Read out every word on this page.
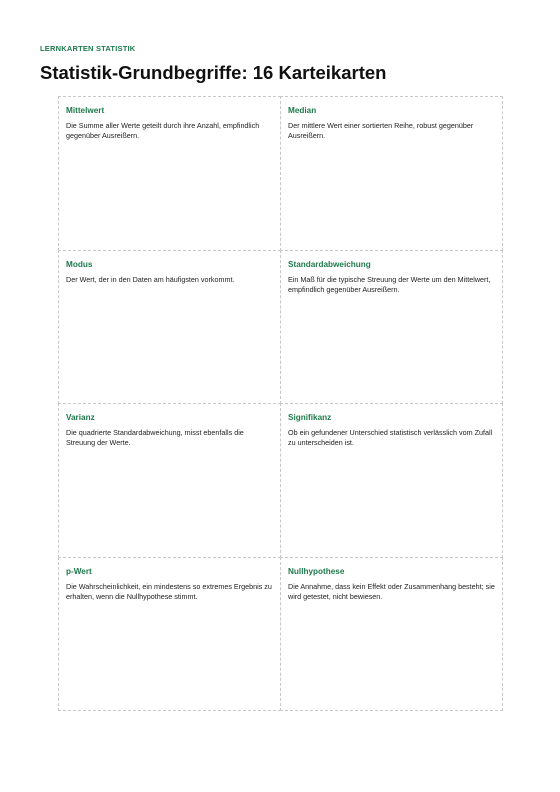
LERNKARTEN STATISTIK
Statistik-Grundbegriffe: 16 Karteikarten
Mittelwert

Die Summe aller Werte geteilt durch ihre Anzahl, empfindlich gegenüber Ausreißern.

Median

Der mittlere Wert einer sortierten Reihe, robust gegenüber Ausreißern.

Modus

Der Wert, der in den Daten am häufigsten vorkommt.

Standardabweichung

Ein Maß für die typische Streuung der Werte um den Mittelwert, empfindlich gegenüber Ausreißern.

Varianz

Die quadrierte Standardabweichung, misst ebenfalls die Streuung der Werte.

Signifikanz

Ob ein gefundener Unterschied statistisch verlässlich vom Zufall zu unterscheiden ist.

p-Wert

Die Wahrscheinlichkeit, ein mindestens so extremes Ergebnis zu erhalten, wenn die Nullhypothese stimmt.

Nullhypothese

Die Annahme, dass kein Effekt oder Zusammenhang besteht; sie wird getestet, nicht bewiesen.
